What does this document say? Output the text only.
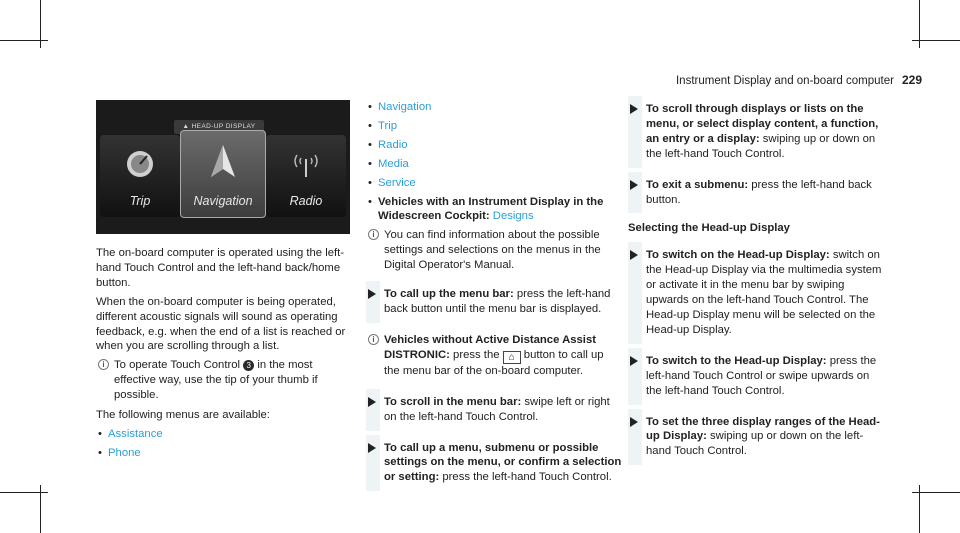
Instrument Display and on-board computer 229
▲ HEAD-UP DISPLAY
Trip	Navigation	Radio

The on-board computer is operated using the left-hand Touch Control and the left-hand back/home button.

When the on-board computer is being operated, different acoustic signals will sound as operating feedback, e.g. when the end of a list is reached or when you are scrolling through a list.

i To operate Touch Control 3 in the most effective way, use the tip of your thumb if possible.

The following menus are available:

• Assistance
• Phone
• Navigation
• Trip
• Radio
• Media
• Service
• Vehicles with an Instrument Display in the Widescreen Cockpit: Designs
i You can find information about the possible settings and selections on the menus in the Digital Operator's Manual.
To call up the menu bar: press the left-hand back button until the menu bar is displayed.
i Vehicles without Active Distance Assist DISTRONIC: press the ⌂ button to call up the menu bar of the on-board computer.
To scroll in the menu bar: swipe left or right on the left-hand Touch Control.
To call up a menu, submenu or possible settings on the menu, or confirm a selection or setting: press the left-hand Touch Control.
To scroll through displays or lists on the menu, or select display content, a function, an entry or a display: swiping up or down on the left-hand Touch Control.
To exit a submenu: press the left-hand back button.
Selecting the Head-up Display
To switch on the Head-up Display: switch on the Head-up Display via the multimedia system or activate it in the menu bar by swiping upwards on the left-hand Touch Control. The Head-up Display menu will be selected on the Head-up Display.
To switch to the Head-up Display: press the left-hand Touch Control or swipe upwards on the left-hand Touch Control.
To set the three display ranges of the Head-up Display: swiping up or down on the left-hand Touch Control.
